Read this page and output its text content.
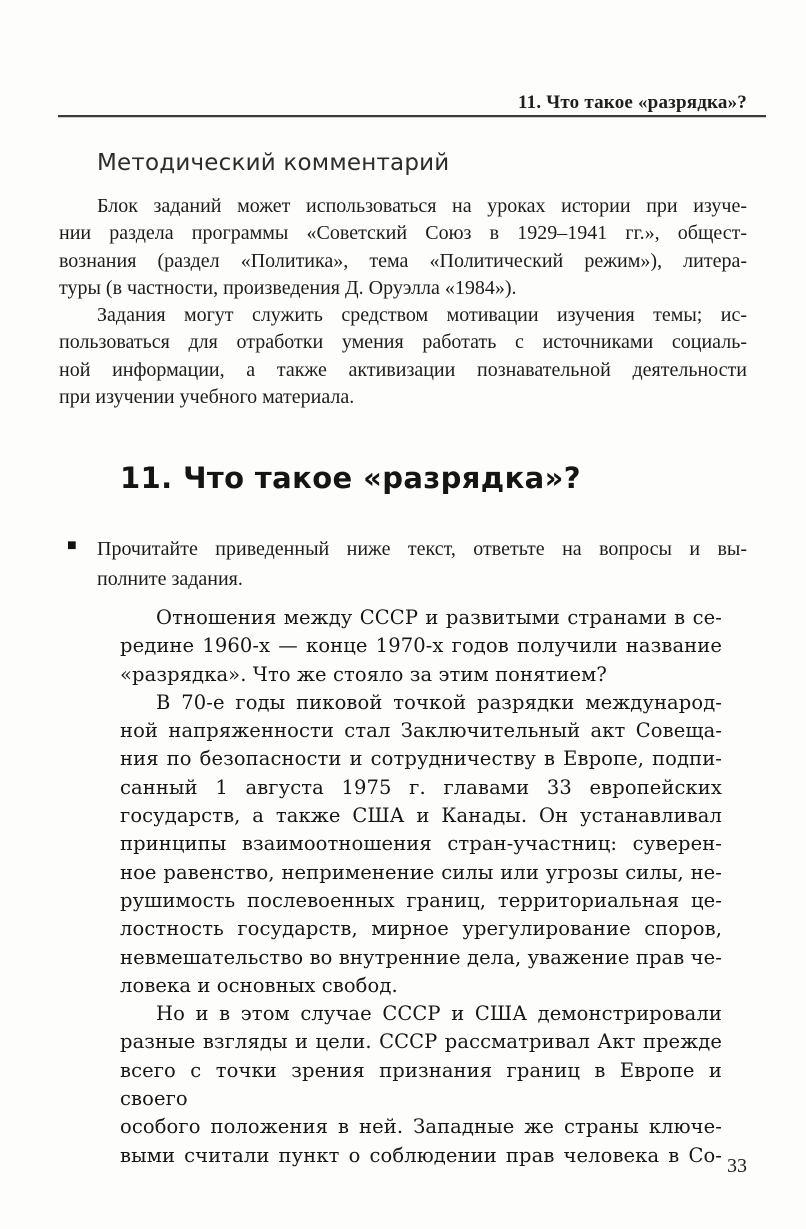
11. Что такое «разрядка»?
Методический комментарий
Блок заданий может использоваться на уроках истории при изуче-
нии раздела программы «Советский Союз в 1929–1941 гг.», общест-
вознания (раздел «Политика», тема «Политический режим»), литера-
туры (в частности, произведения Д. Оруэлла «1984»).
Задания могут служить средством мотивации изучения темы; ис-
пользоваться для отработки умения работать с источниками социаль-
ной информации, а также активизации познавательной деятельности
при изучении учебного материала.
11. Что такое «разрядка»?
■ Прочитайте приведенный ниже текст, ответьте на вопросы и вы-
полните задания.
Отношения между СССР и развитыми странами в се-
редине 1960-х — конце 1970-х годов получили название
«разрядка». Что же стояло за этим понятием?
В 70-е годы пиковой точкой разрядки международ-
ной напряженности стал Заключительный акт Совеща-
ния по безопасности и сотрудничеству в Европе, подпи-
санный 1 августа 1975 г. главами 33 европейских
государств, а также США и Канады. Он устанавливал
принципы взаимоотношения стран-участниц: суверен-
ное равенство, неприменение силы или угрозы силы, не-
рушимость послевоенных границ, территориальная це-
лостность государств, мирное урегулирование споров,
невмешательство во внутренние дела, уважение прав че-
ловека и основных свобод.
Но и в этом случае СССР и США демонстрировали
разные взгляды и цели. СССР рассматривал Акт прежде
всего с точки зрения признания границ в Европе и своего
особого положения в ней. Западные же страны ключе-
выми считали пункт о соблюдении прав человека в Со- 33
